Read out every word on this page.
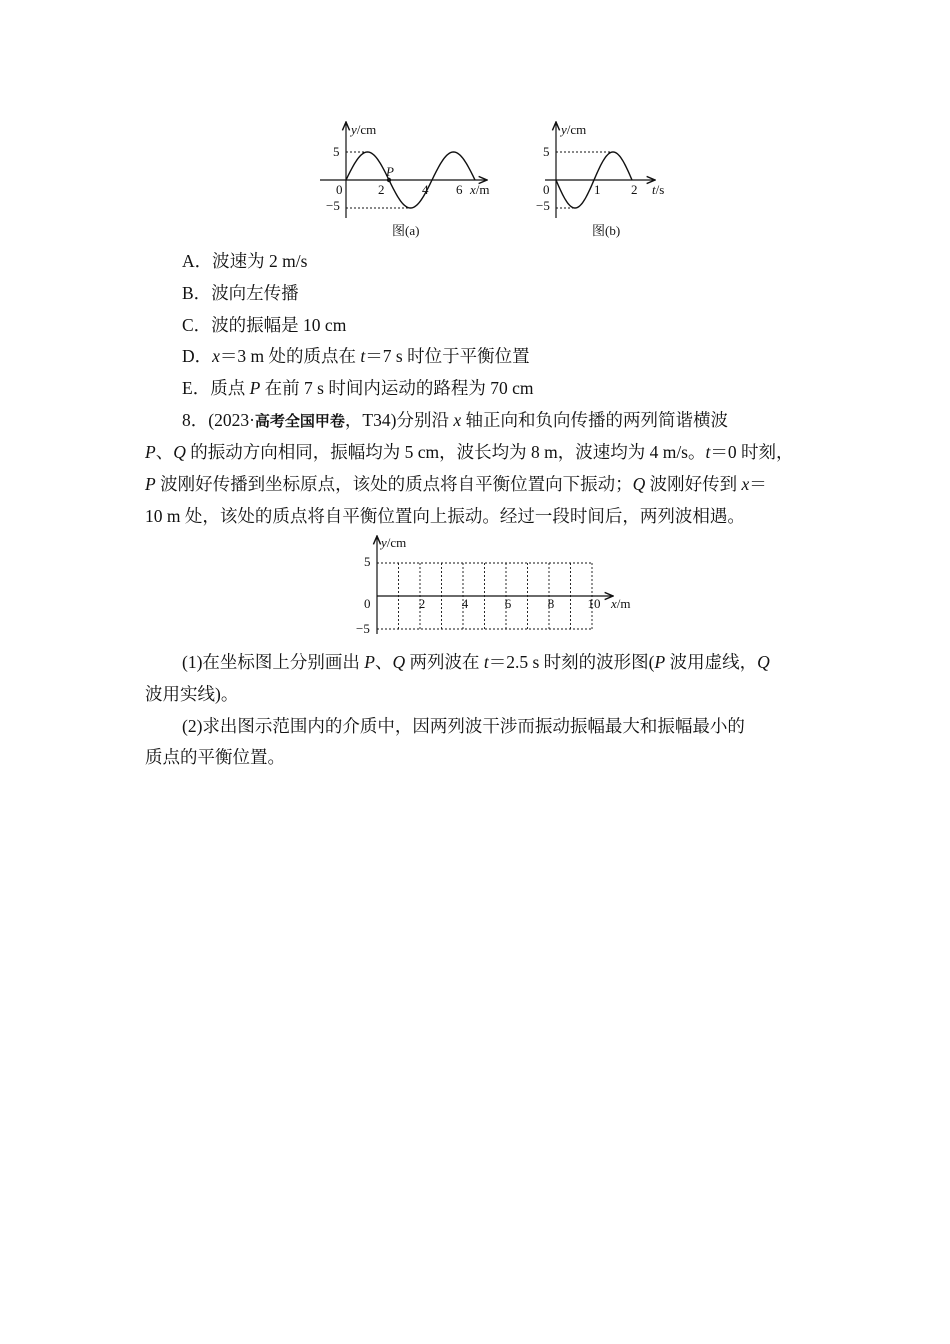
y/cm
x/m
P
5
−5
0	2	4 6
图(a)
y/cm
t/s
5
−5
0	1 2
图(b)
A．波速为 2 m/s
B．波向左传播
C．波的振幅是 10 cm
D．x＝3 m 处的质点在 t＝7 s 时位于平衡位置
E．质点 P 在前 7 s 时间内运动的路程为 70 cm
8．(2023·高考全国甲卷，T34)分别沿 x 轴正向和负向传播的两列简谐横波
P、Q 的振动方向相同，振幅均为 5 cm，波长均为 8 m，波速均为 4 m/s。t＝0 时刻，
P 波刚好传播到坐标原点，该处的质点将自平衡位置向下振动；Q 波刚好传到 x＝
10 m 处，该处的质点将自平衡位置向上振动。经过一段时间后，两列波相遇。
y/cm
x/m
5
−5
0	2	4	6	8	10
(1)在坐标图上分别画出 P、Q 两列波在 t＝2.5 s 时刻的波形图(P 波用虚线，Q
波用实线)。
(2)求出图示范围内的介质中，因两列波干涉而振动振幅最大和振幅最小的
质点的平衡位置。
